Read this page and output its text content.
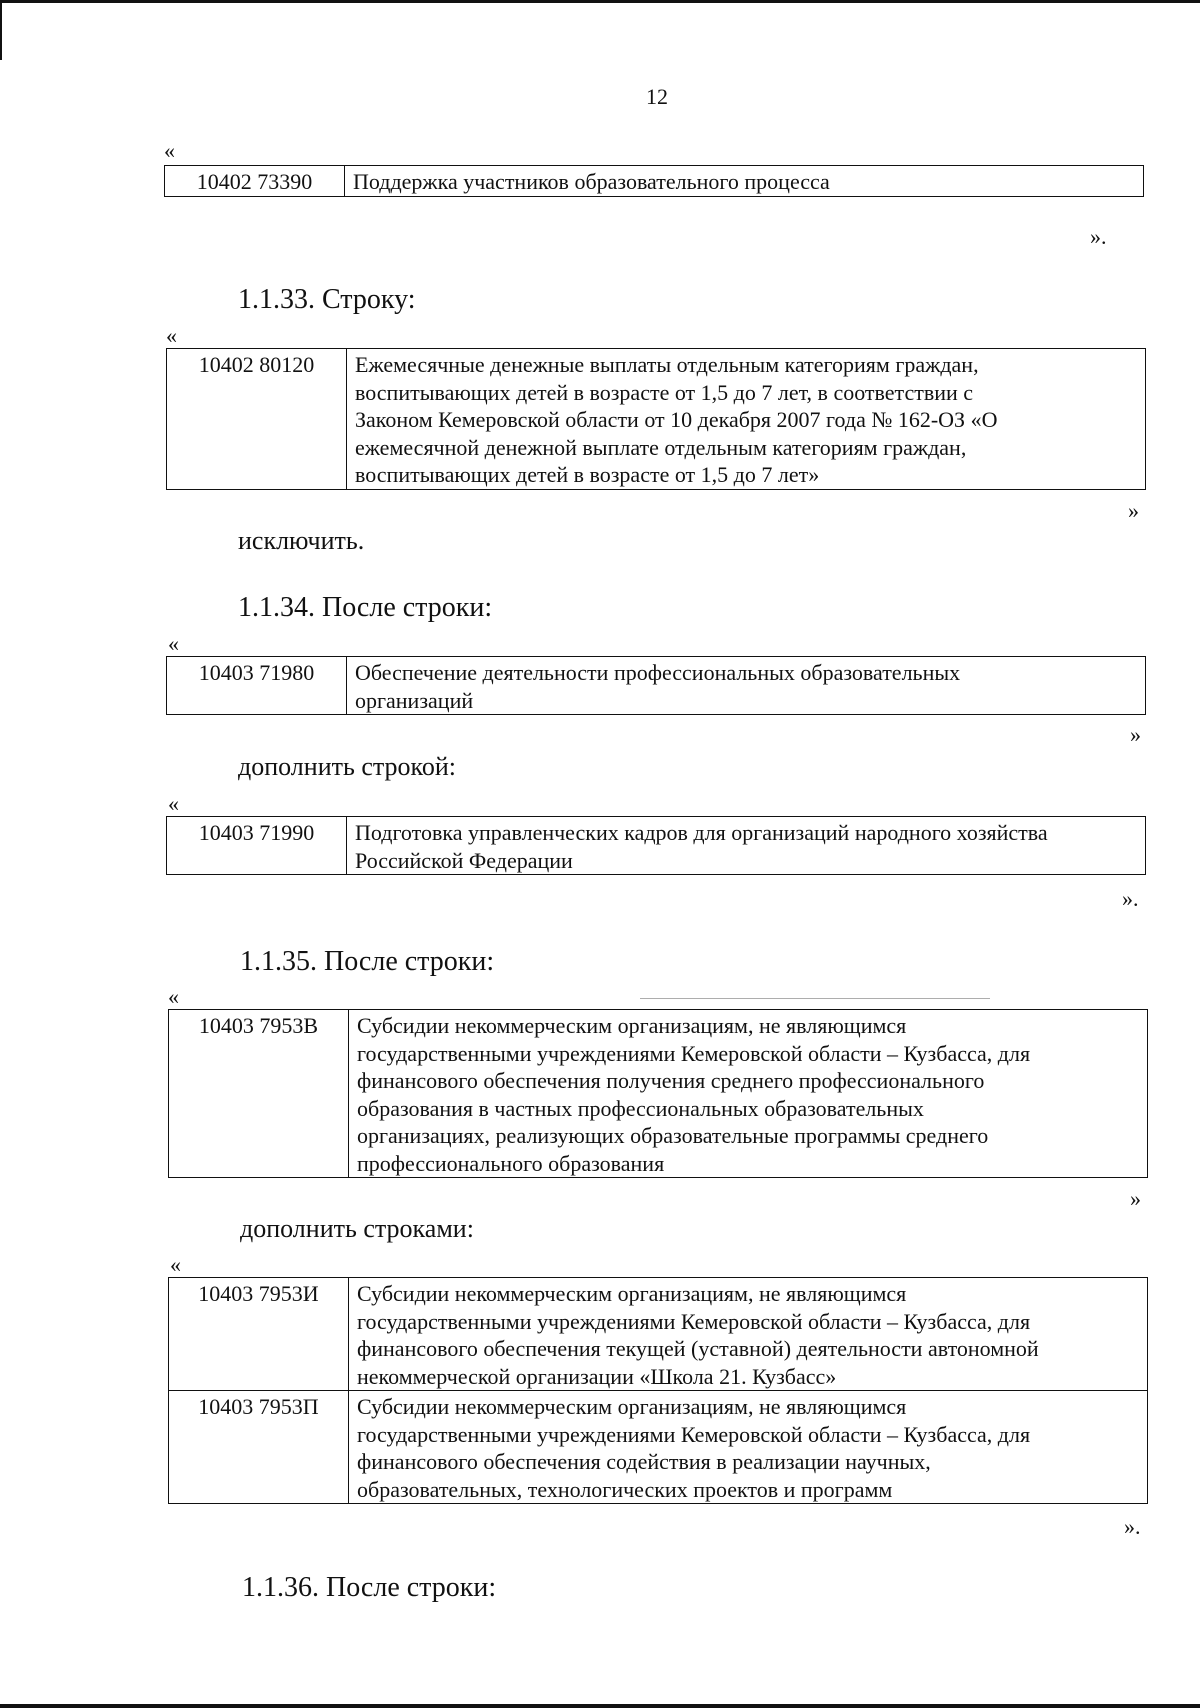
12
«
10402 73390	Поддержка участников образовательного процесса
».
1.1.33. Строку:
«
10402 80120	Ежемесячные денежные выплаты отдельным категориям граждан,
воспитывающих детей в возрасте от 1,5 до 7 лет, в соответствии с
Законом Кемеровской области от 10 декабря 2007 года № 162-ОЗ «О
ежемесячной денежной выплате отдельным категориям граждан,
воспитывающих детей в возрасте от 1,5 до 7 лет»
»
исключить.
1.1.34. После строки:
«
10403 71980	Обеспечение деятельности профессиональных образовательных
организаций
»
дополнить строкой:
«
10403 71990	Подготовка управленческих кадров для организаций народного хозяйства
Российской Федерации
».
1.1.35. После строки:
«
10403 7953В	Субсидии некоммерческим организациям, не являющимся
государственными учреждениями Кемеровской области – Кузбасса, для
финансового обеспечения получения среднего профессионального
образования в частных профессиональных образовательных
организациях, реализующих образовательные программы среднего
профессионального образования
»
дополнить строками:
«
10403 7953И	Субсидии некоммерческим организациям, не являющимся
государственными учреждениями Кемеровской области – Кузбасса, для
финансового обеспечения текущей (уставной) деятельности автономной
некоммерческой организации «Школа 21. Кузбасс»

10403 7953П	Субсидии некоммерческим организациям, не являющимся
государственными учреждениями Кемеровской области – Кузбасса, для
финансового обеспечения содействия в реализации научных,
образовательных, технологических проектов и программ
».
1.1.36. После строки:
